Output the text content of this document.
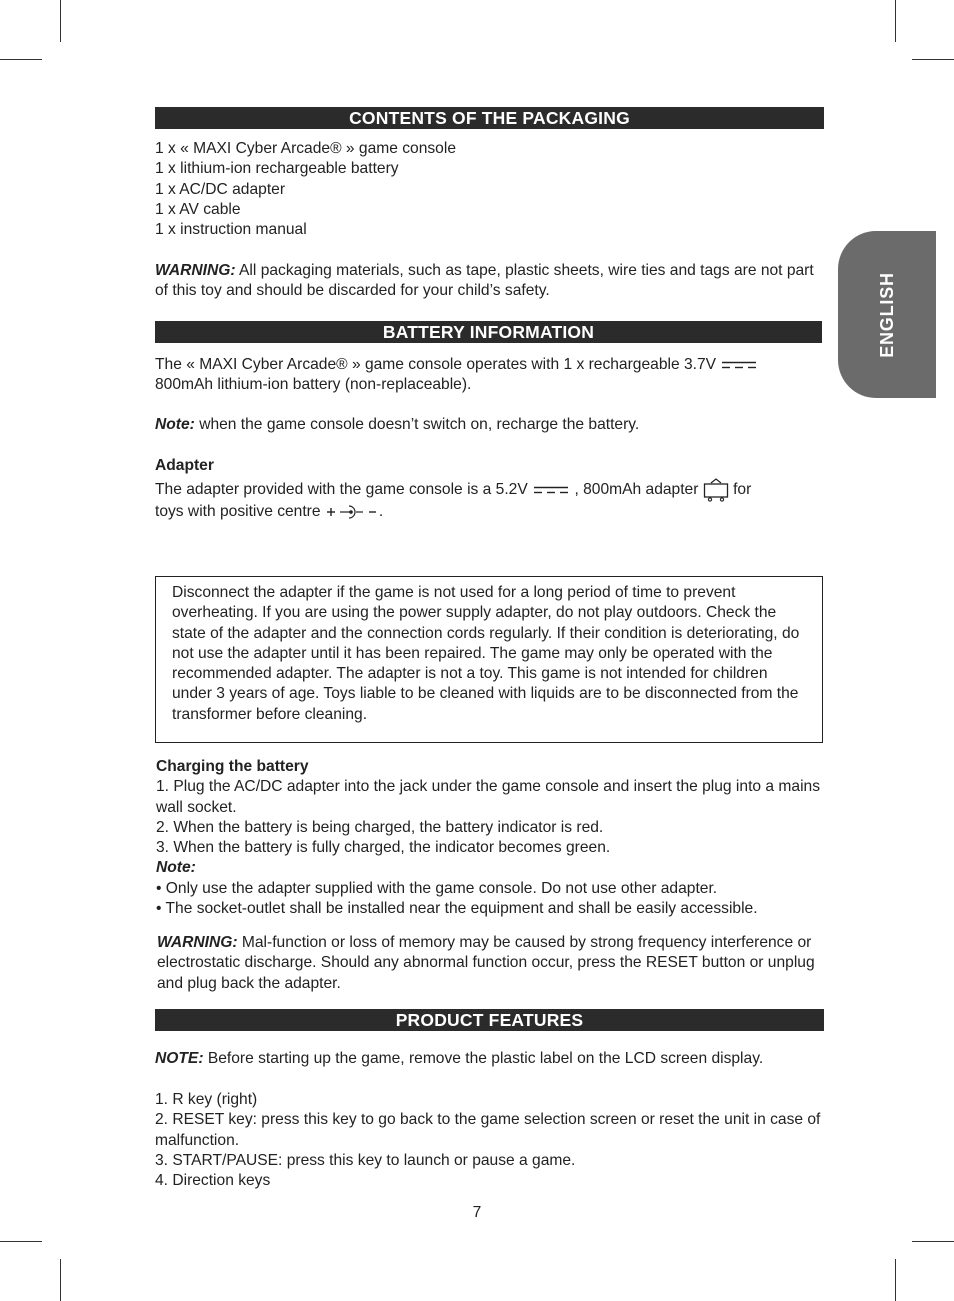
ENGLISH
CONTENTS OF THE PACKAGING

1 x « MAXI Cyber Arcade® » game console

1 x lithium-ion rechargeable battery

1 x AC/DC adapter

1 x AV cable

1 x instruction manual

WARNING: All packaging materials, such as tape, plastic sheets, wire ties and tags are not part of this toy and should be discarded for your child’s safety.

BATTERY INFORMATION

The « MAXI Cyber Arcade® » game console operates with 1 x rechargeable 3.7V

800mAh lithium-ion battery (non-replaceable).

Note: when the game console doesn’t switch on, recharge the battery.

Adapter

The adapter provided with the game console is a 5.2V	, 800mAh adapter for

toys with positive centre	.

Disconnect the adapter if the game is not used for a long period of time to prevent overheating. If you are using the power supply adapter, do not play outdoors. Check the state of the adapter and the connection cords regularly. If their condition is deteriorating, do not use the adapter until it has been repaired. The game may only be operated with the recommended adapter. The adapter is not a toy. This game is not intended for children under 3 years of age. Toys liable to be cleaned with liquids are to be disconnected from the transformer before cleaning.

Charging the battery

1. Plug the AC/DC adapter into the jack under the game console and insert the plug into a mains wall socket.

2. When the battery is being charged, the battery indicator is red.

3. When the battery is fully charged, the indicator becomes green.

Note:

• Only use the adapter supplied with the game console. Do not use other adapter.

• The socket-outlet shall be installed near the equipment and shall be easily accessible.

WARNING: Mal-function or loss of memory may be caused by strong frequency interference or electrostatic discharge. Should any abnormal function occur, press the RESET button or unplug and plug back the adapter.

PRODUCT FEATURES

NOTE: Before starting up the game, remove the plastic label on the LCD screen display.

1. R key (right)

2. RESET key: press this key to go back to the game selection screen or reset the unit in case of malfunction.

3. START/PAUSE: press this key to launch or pause a game.

4. Direction keys

7
